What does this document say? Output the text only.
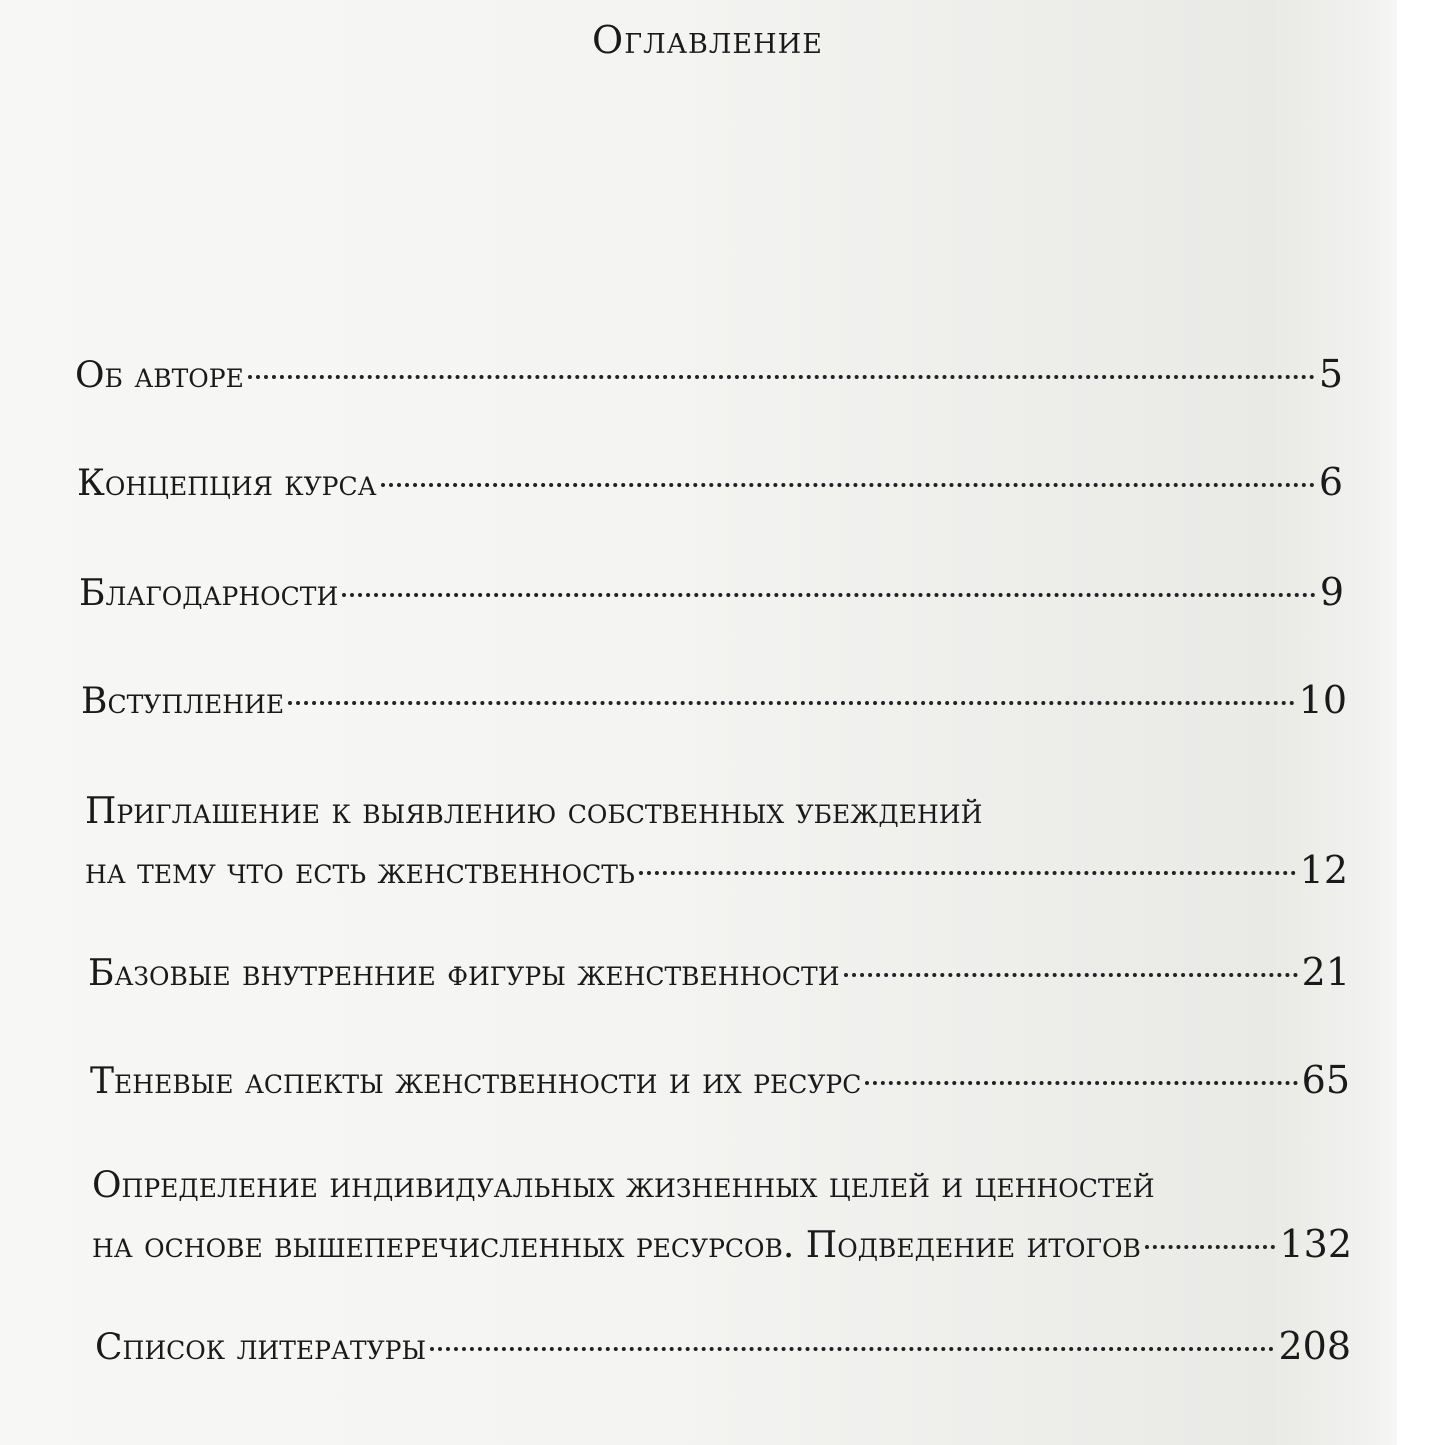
Оглавление
Об авторе	5
Концепция курса	6
Благодарности	9
Вступление	10
Приглашение к выявлению собственных убеждений
на тему что есть женственность	12
Базовые внутренние фигуры женственности	21
Теневые аспекты женственности и их ресурс	65
Определение индивидуальных жизненных целей и ценностей
на основе вышеперечисленных ресурсов. Подведение итогов	132
Список литературы	208
